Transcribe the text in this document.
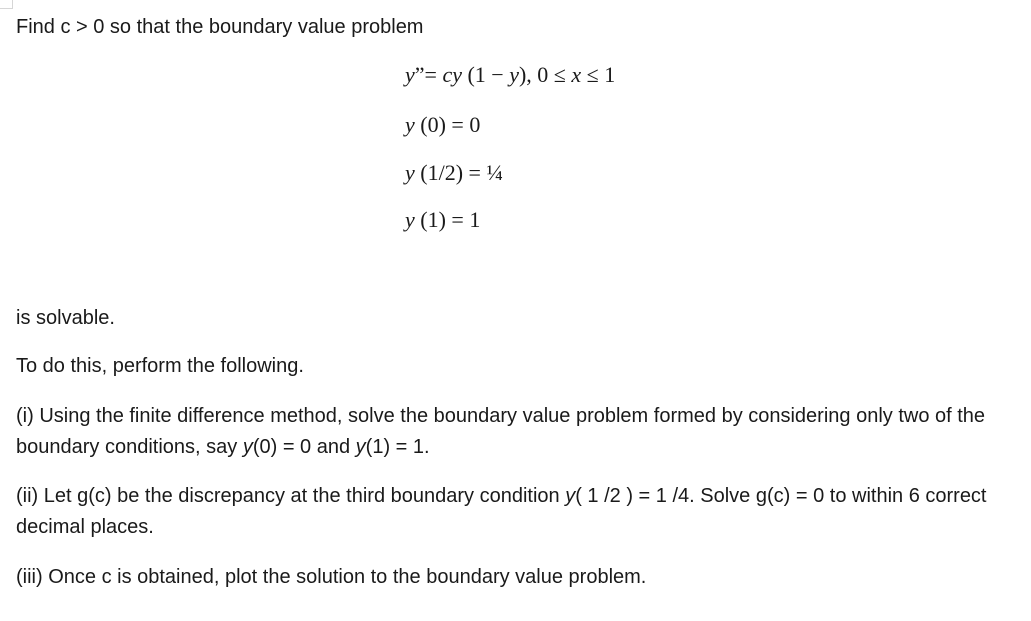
Find c > 0 so that the boundary value problem
y”= cy (1 − y), 0 ≤ x ≤ 1
y (0) = 0
y (1/2) = ¼
y (1) = 1
is solvable.
To do this, perform the following.
(i) Using the finite difference method, solve the boundary value problem formed by considering only two of the boundary conditions, say y(0) = 0 and y(1) = 1.
(ii) Let g(c) be the discrepancy at the third boundary condition y( 1 /2 ) = 1 /4. Solve g(c) = 0 to within 6 correct decimal places.
(iii) Once c is obtained, plot the solution to the boundary value problem.
